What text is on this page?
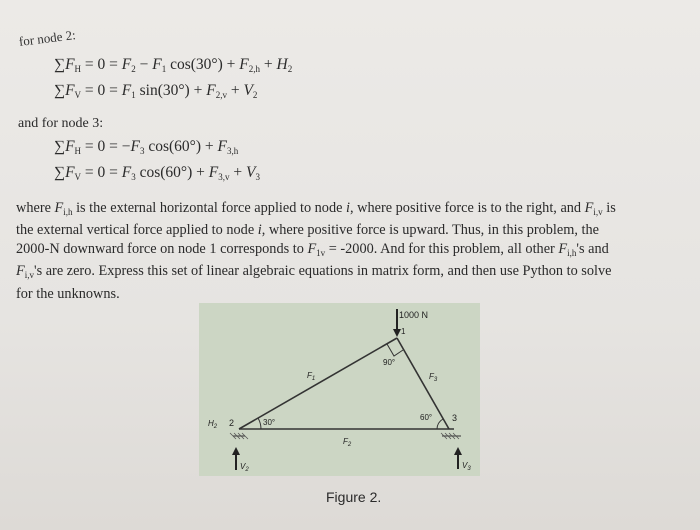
for node 2:
$\sum F_H = 0 = F_2 - F_1$ $\cos(30^\circ) + F_{2,h} + H_2$
$\sum F_V = 0 = F_1$ $\sin(30^\circ) + F_{2,v} + V_2$
and for node 3:
$\sum F_H = 0 = -F_3$ $\cos(60^\circ) + F_{3,h}$
$\sum F_V = 0 = F_3$ $\cos(60^\circ) + F_{3,v} + V_3$
where $F_{i,h}$ is the external horizontal force applied to node i, where positive force is to the right, and $F_{i,v}$ is
the external vertical force applied to node i, where positive force is upward. Thus, in this problem, the
2000-N downward force on node 1 corresponds to $F_{1v} = -2000$. And for this problem, all other $F_{i,h}'s$ and
$F_{i,v}'s$ are zero. Express this set of linear algebraic equations in matrix form, and then use Python to solve
for the unknowns.
1000 N
1
90°
$F_1$	$F_3$
60° 3
$H_2$ 2	30°
$F_2$
$V_2$	$V_3$
Figure 2.
